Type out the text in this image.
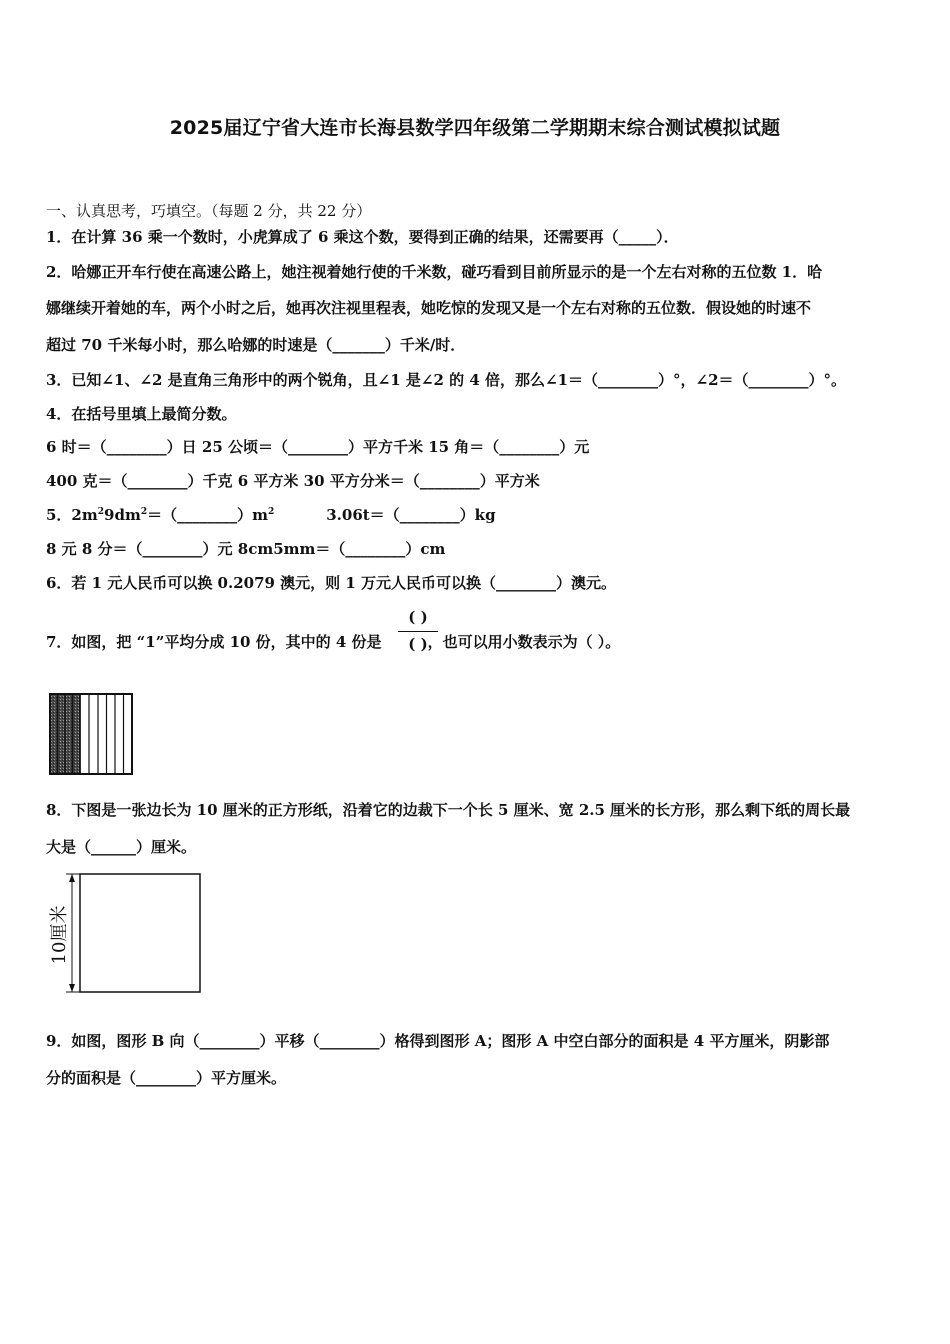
2025届辽宁省大连市长海县数学四年级第二学期期末综合测试模拟试题
一、认真思考，巧填空。（每题 2 分，共 22 分）
1．在计算 36 乘一个数时，小虎算成了 6 乘这个数，要得到正确的结果，还需要再（_____）．
2．哈娜正开车行使在高速公路上，她注视着她行使的千米数，碰巧看到目前所显示的是一个左右对称的五位数 1．哈
娜继续开着她的车，两个小时之后，她再次注视里程表，她吃惊的发现又是一个左右对称的五位数．假设她的时速不
超过 70 千米每小时，那么哈娜的时速是（_______）千米/时．
3．已知∠1、∠2 是直角三角形中的两个锐角，且∠1 是∠2 的 4 倍，那么∠1＝（________）°，∠2＝（________）°。
4．在括号里填上最简分数。
6 时＝（________）日 25 公顷＝（________）平方千米 15 角＝（________）元
400 克＝（________）千克 6 平方米 30 平方分米＝（________）平方米
5．$2m^29dm^2=(\_\_\_\_\_\_\_\_)m^2$	3.06t＝（________）kg
8 元 8 分＝（________）元 8cm5mm＝（________）cm
6．若 1 元人民币可以换 0.2079 澳元，则 1 万元人民币可以换（________）澳元。
7．如图，把 “1”平均分成 10 份，其中的 4 份是	，也可以用小数表示为（ ）。
( )
( )
8．下图是一张边长为 10 厘米的正方形纸，沿着它的边裁下一个长 5 厘米、宽 2.5 厘米的长方形，那么剩下纸的周长最
大是（______）厘米。
10厘米
9．如图，图形 B 向（________）平移（________）格得到图形 A；图形 A 中空白部分的面积是 4 平方厘米，阴影部
分的面积是（________）平方厘米。
